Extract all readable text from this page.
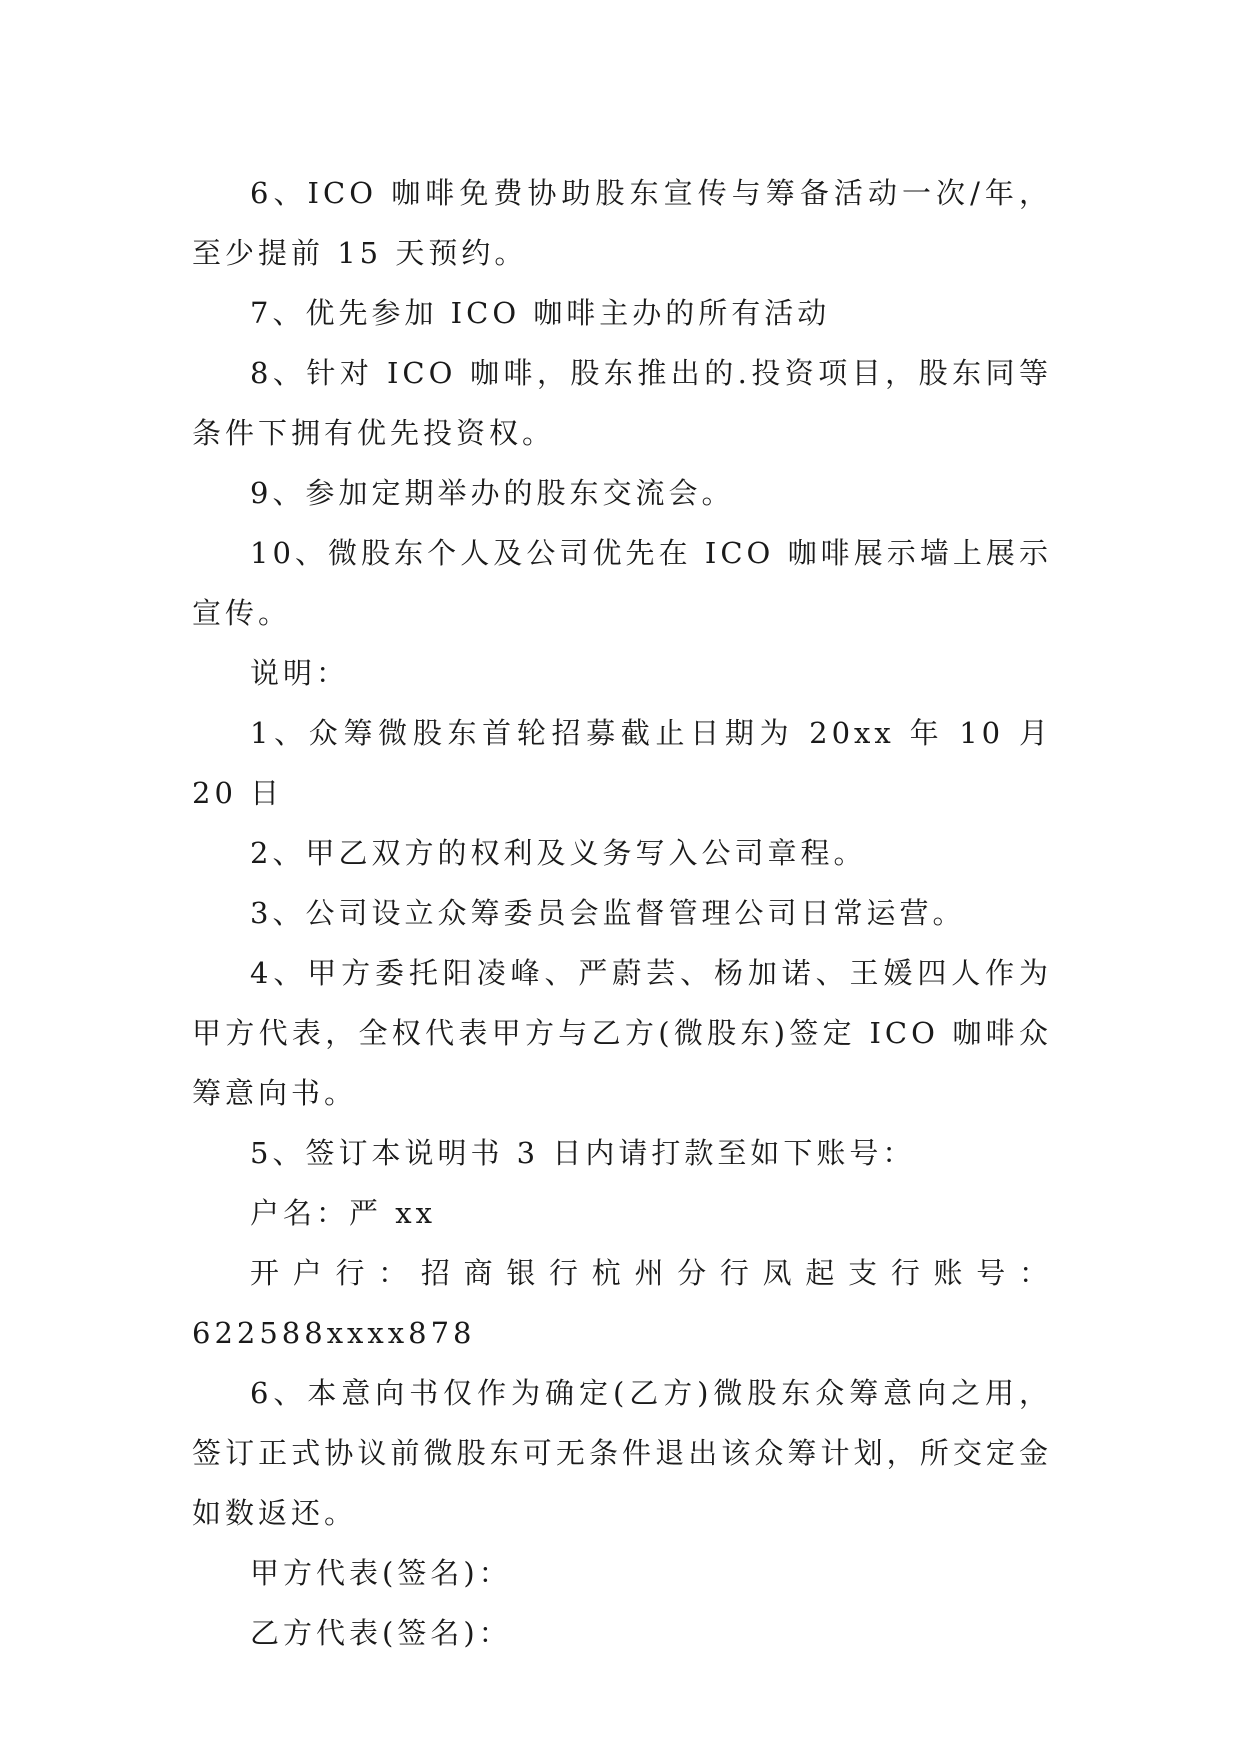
6、ICO 咖啡免费协助股东宣传与筹备活动一次/年，至少提前 15 天预约。

7、优先参加 ICO 咖啡主办的所有活动

8、针对 ICO 咖啡，股东推出的.投资项目，股东同等条件下拥有优先投资权。

9、参加定期举办的股东交流会。

10、微股东个人及公司优先在 ICO 咖啡展示墙上展示宣传。

说明：

1、众筹微股东首轮招募截止日期为 20xx 年 10 月 20 日

2、甲乙双方的权利及义务写入公司章程。

3、公司设立众筹委员会监督管理公司日常运营。

4、甲方委托阳凌峰、严蔚芸、杨加诺、王媛四人作为甲方代表，全权代表甲方与乙方(微股东)签定 ICO 咖啡众筹意向书。

5、签订本说明书 3 日内请打款至如下账号：

户名：严 xx

开户行：招商银行杭州分行凤起支行账号：

622588xxxx878

6、本意向书仅作为确定(乙方)微股东众筹意向之用，签订正式协议前微股东可无条件退出该众筹计划，所交定金如数返还。

甲方代表(签名)：

乙方代表(签名)：
